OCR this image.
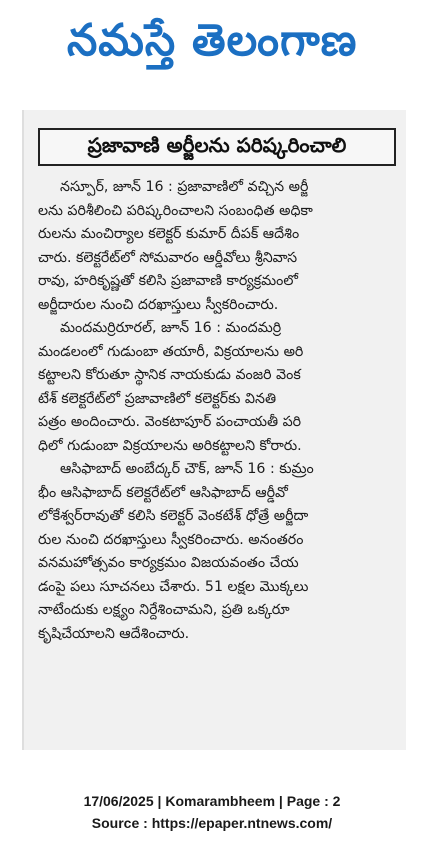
నమస్తే తెలంగాణ
ప్రజావాణి అర్జీలను పరిష్కరించాలి
నస్పూర్, జూన్ 16 : ప్రజావాణిలో వచ్చిన అర్జీ
లను పరిశీలించి పరిష్కరించాలని సంబంధిత అధికా
రులను మంచిర్యాల కలెక్టర్ కుమార్ దీపక్ ఆదేశిం
చారు. కలెక్టరేట్‌లో సోమవారం ఆర్డీవోలు శ్రీనివాస
రావు, హరికృష్ణతో కలిసి ప్రజావాణి కార్యక్రమంలో
అర్జీదారుల నుంచి దరఖాస్తులు స్వీకరించారు.
మందమర్రిరూరల్, జూన్ 16 : మందమర్రి
మండలంలో గుడుంబా తయారీ, విక్రయాలను అరి
కట్టాలని కోరుతూ స్థానిక నాయకుడు వంజరి వెంక
టేశ్ కలెక్టరేట్‌లో ప్రజావాణిలో కలెక్టర్‌కు వినతి
పత్రం అందించారు. వెంకటాపూర్ పంచాయతీ పరి
ధిలో గుడుంబా విక్రయాలను అరికట్టాలని కోరారు.
ఆసిఫాబాద్ అంబేద్కర్ చౌక్, జూన్ 16 : కుమ్రం
భీం ఆసిఫాబాద్ కలెక్టరేట్‌లో ఆసిఫాబాద్ ఆర్డీవో
లోకేశ్వర్‌రావుతో కలిసి కలెక్టర్ వెంకటేశ్ ధోత్రే అర్జీదా
రుల నుంచి దరఖాస్తులు స్వీకరించారు. అనంతరం
వనమహోత్సవం కార్యక్రమం విజయవంతం చేయ
డంపై పలు సూచనలు చేశారు. 51 లక్షల మొక్కలు
నాటేందుకు లక్ష్యం నిర్దేశించామని, ప్రతి ఒక్కరూ
కృషిచేయాలని ఆదేశించారు.
17/06/2025 | Komarambheem | Page : 2
Source : https://epaper.ntnews.com/
